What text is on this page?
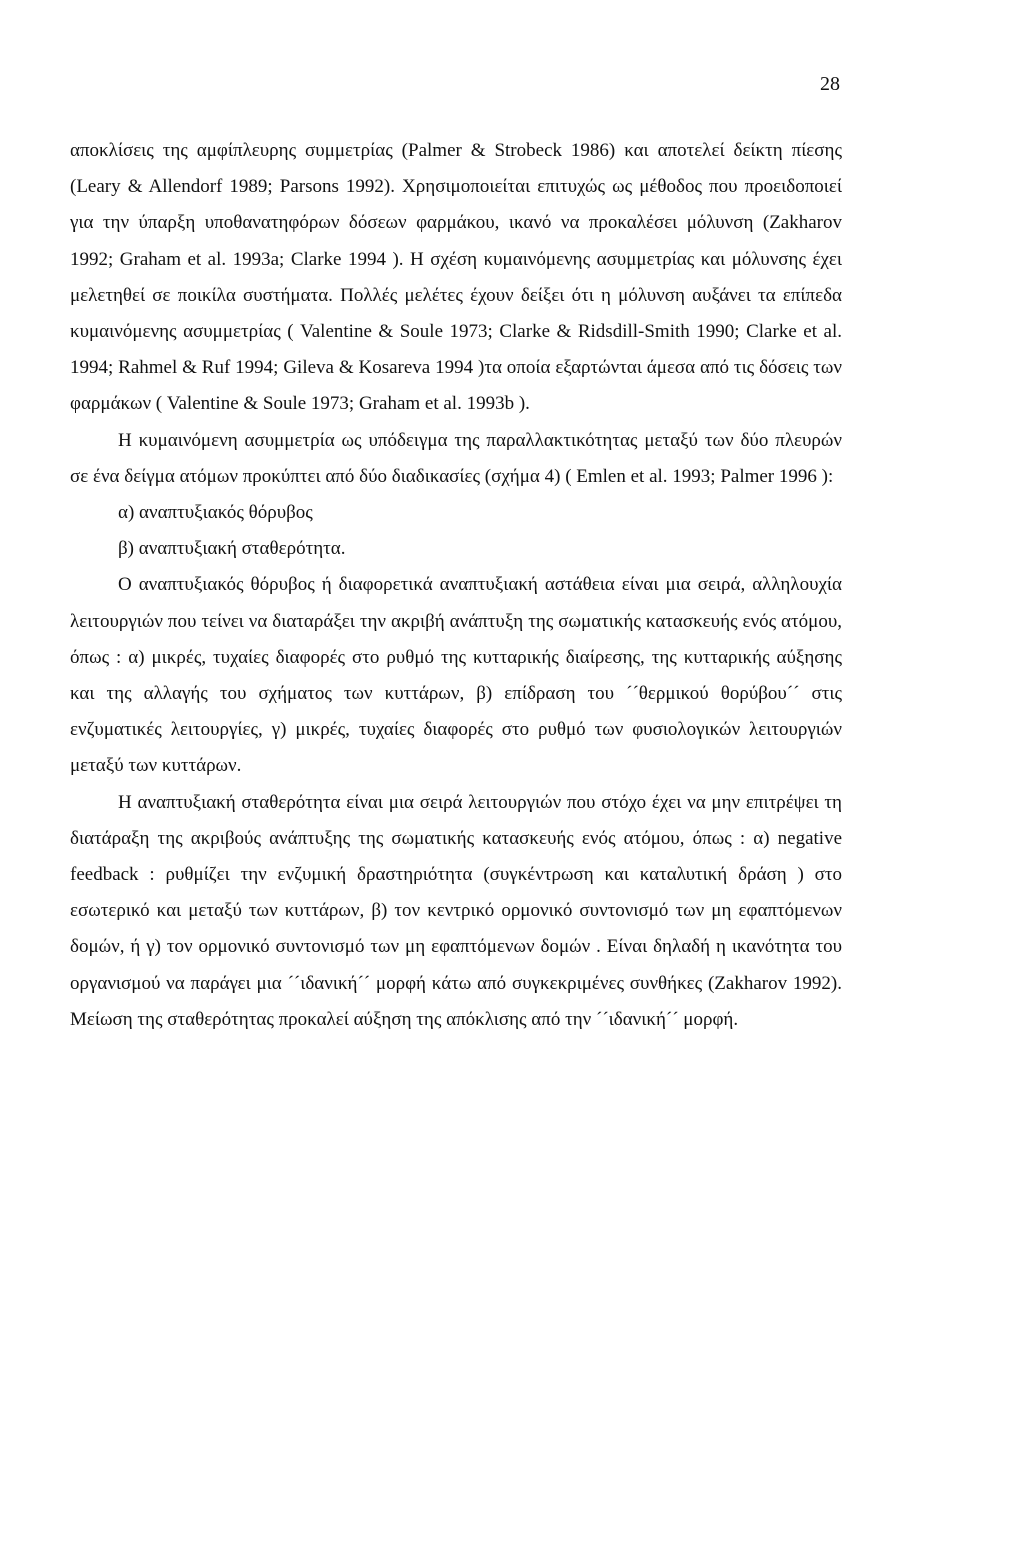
28

αποκλίσεις της αμφίπλευρης συμμετρίας (Palmer & Strobeck 1986) και αποτελεί δείκτη πίεσης (Leary & Allendorf 1989; Parsons 1992). Χρησιμοποιείται επιτυχώς ως μέθοδος που προειδοποιεί για την ύπαρξη υποθανατηφόρων δόσεων φαρμάκου, ικανό να προκαλέσει μόλυνση (Zakharov 1992; Graham et al. 1993a; Clarke 1994 ). Η σχέση κυμαινόμενης ασυμμετρίας και μόλυνσης έχει μελετηθεί σε ποικίλα συστήματα. Πολλές μελέτες έχουν δείξει ότι η μόλυνση αυξάνει τα επίπεδα κυμαινόμενης ασυμμετρίας ( Valentine & Soule 1973; Clarke & Ridsdill-Smith 1990; Clarke et al. 1994; Rahmel & Ruf 1994; Gileva & Kosareva 1994 )τα οποία εξαρτώνται άμεσα από τις δόσεις των φαρμάκων ( Valentine & Soule 1973; Graham et al. 1993b ).

Η κυμαινόμενη ασυμμετρία ως υπόδειγμα της παραλλακτικότητας μεταξύ των δύο πλευρών σε ένα δείγμα ατόμων προκύπτει από δύο διαδικασίες (σχήμα 4) ( Emlen et al. 1993; Palmer 1996 ):

α) αναπτυξιακός θόρυβος

β) αναπτυξιακή σταθερότητα.

Ο αναπτυξιακός θόρυβος ή διαφορετικά αναπτυξιακή αστάθεια είναι μια σειρά, αλληλουχία λειτουργιών που τείνει να διαταράξει την ακριβή ανάπτυξη της σωματικής κατασκευής ενός ατόμου, όπως : α) μικρές, τυχαίες διαφορές στο ρυθμό της κυτταρικής διαίρεσης, της κυτταρικής αύξησης και της αλλαγής του σχήματος των κυττάρων, β) επίδραση του ´´θερμικού θορύβου´´ στις ενζυματικές λειτουργίες, γ) μικρές, τυχαίες διαφορές στο ρυθμό των φυσιολογικών λειτουργιών μεταξύ των κυττάρων.

Η αναπτυξιακή σταθερότητα είναι μια σειρά λειτουργιών που στόχο έχει να μην επιτρέψει τη διατάραξη της ακριβούς ανάπτυξης της σωματικής κατασκευής ενός ατόμου, όπως : α) negative feedback : ρυθμίζει την ενζυμική δραστηριότητα (συγκέντρωση και καταλυτική δράση ) στο εσωτερικό και μεταξύ των κυττάρων, β) τον κεντρικό ορμονικό συντονισμό των μη εφαπτόμενων δομών, ή γ) τον ορμονικό συντονισμό των μη εφαπτόμενων δομών . Είναι δηλαδή η ικανότητα του οργανισμού να παράγει μια ´´ιδανική´´ μορφή κάτω από συγκεκριμένες συνθήκες (Zakharov 1992). Μείωση της σταθερότητας προκαλεί αύξηση της απόκλισης από την ´´ιδανική´´ μορφή.
